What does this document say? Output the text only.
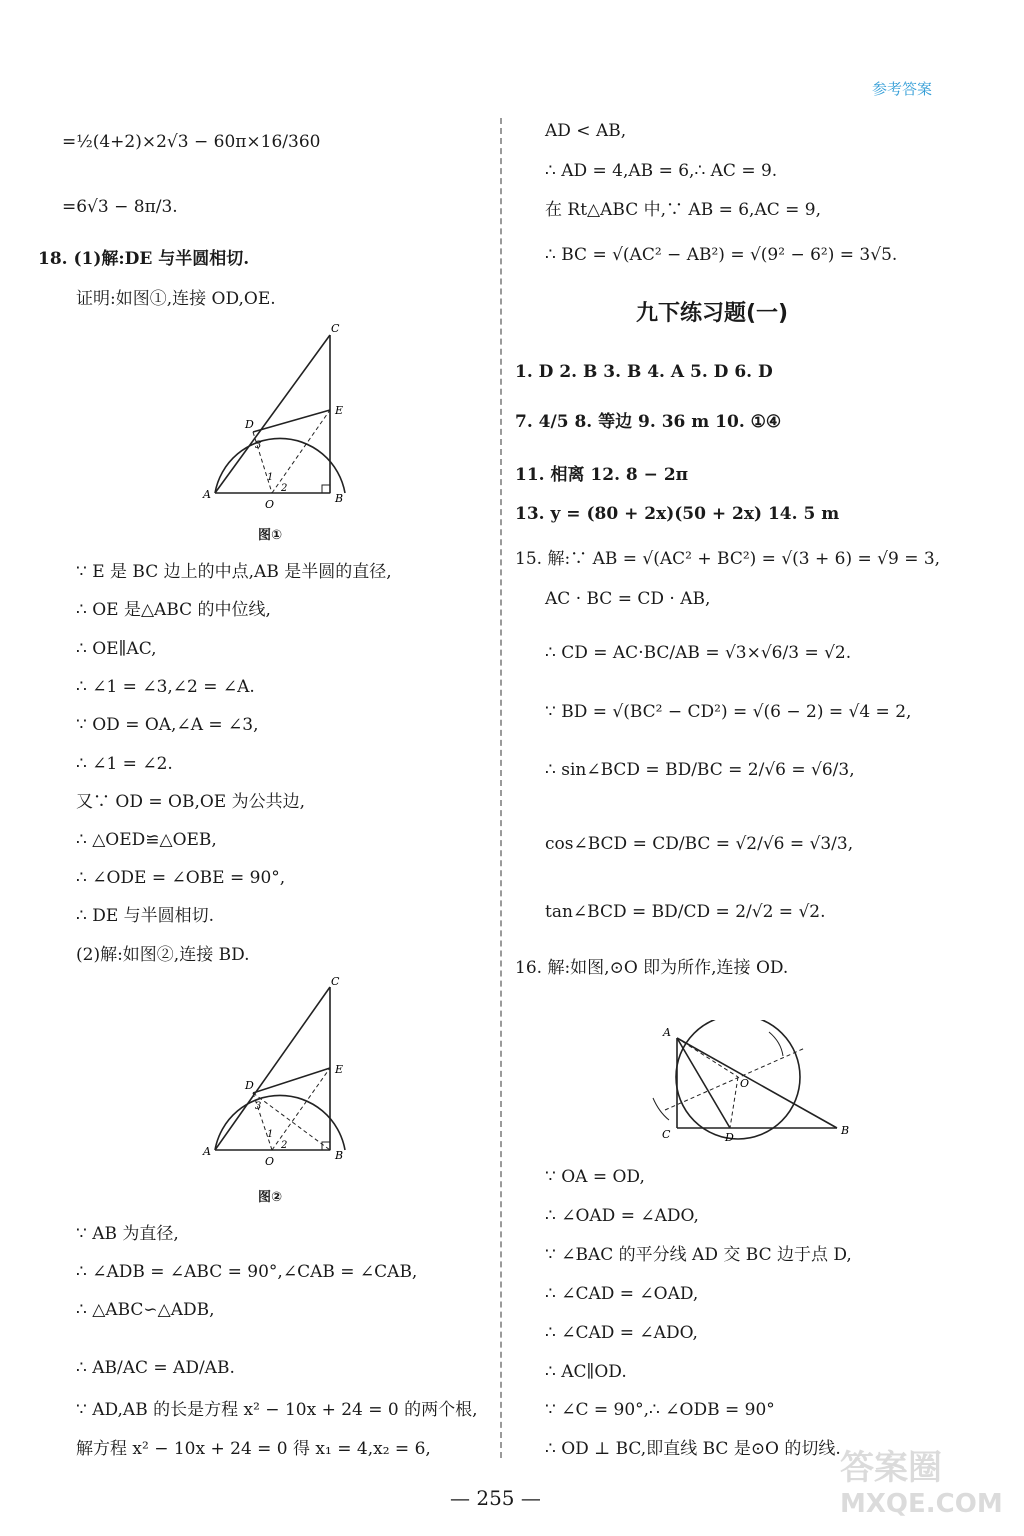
参考答案
=½(4+2)×2√3 − 60π×16/360
=6√3 − 8π/3.
18. (1)解:DE 与半圆相切.
证明:如图①,连接 OD,OE.
C
E
D
A	B
O
3
1
2
图①
∵ E 是 BC 边上的中点,AB 是半圆的直径,
∴ OE 是△ABC 的中位线,
∴ OE∥AC,
∴ ∠1 = ∠3,∠2 = ∠A.
∵ OD = OA,∠A = ∠3,
∴ ∠1 = ∠2.
又∵ OD = OB,OE 为公共边,
∴ △OED≌△OEB,
∴ ∠ODE = ∠OBE = 90°,
∴ DE 与半圆相切.
(2)解:如图②,连接 BD.
C
E
D
A	B
O
3
1
2
图②
∵ AB 为直径,
∴ ∠ADB = ∠ABC = 90°,∠CAB = ∠CAB,
∴ △ABC∽△ADB,
∴ AB/AC = AD/AB.
∵ AD,AB 的长是方程 x² − 10x + 24 = 0 的两个根,
解方程 x² − 10x + 24 = 0 得 x₁ = 4,x₂ = 6,
AD < AB,
∴ AD = 4,AB = 6,∴ AC = 9.
在 Rt△ABC 中,∵ AB = 6,AC = 9,
∴ BC = √(AC² − AB²) = √(9² − 6²) = 3√5.
九下练习题(一)
1. D 2. B 3. B 4. A 5. D 6. D
7. 4/5 8. 等边 9. 36 m 10. ①④
11. 相离 12. 8 − 2π
13. y = (80 + 2x)(50 + 2x) 14. 5 m
15. 解:∵ AB = √(AC² + BC²) = √(3 + 6) = √9 = 3,
AC · BC = CD · AB,
∴ CD = AC·BC/AB = √3×√6/3 = √2.
∵ BD = √(BC² − CD²) = √(6 − 2) = √4 = 2,
∴ sin∠BCD = BD/BC = 2/√6 = √6/3,
cos∠BCD = CD/BC = √2/√6 = √3/3,
tan∠BCD = BD/CD = 2/√2 = √2.
16. 解:如图,⊙O 即为所作,连接 OD.
A
C	D
B
O
∵ OA = OD,
∴ ∠OAD = ∠ADO,
∵ ∠BAC 的平分线 AD 交 BC 边于点 D,
∴ ∠CAD = ∠OAD,
∴ ∠CAD = ∠ADO,
∴ AC∥OD.
∵ ∠C = 90°,∴ ∠ODB = 90°
∴ OD ⊥ BC,即直线 BC 是⊙O 的切线.
— 255 —
答案圈
MXQE.COM
